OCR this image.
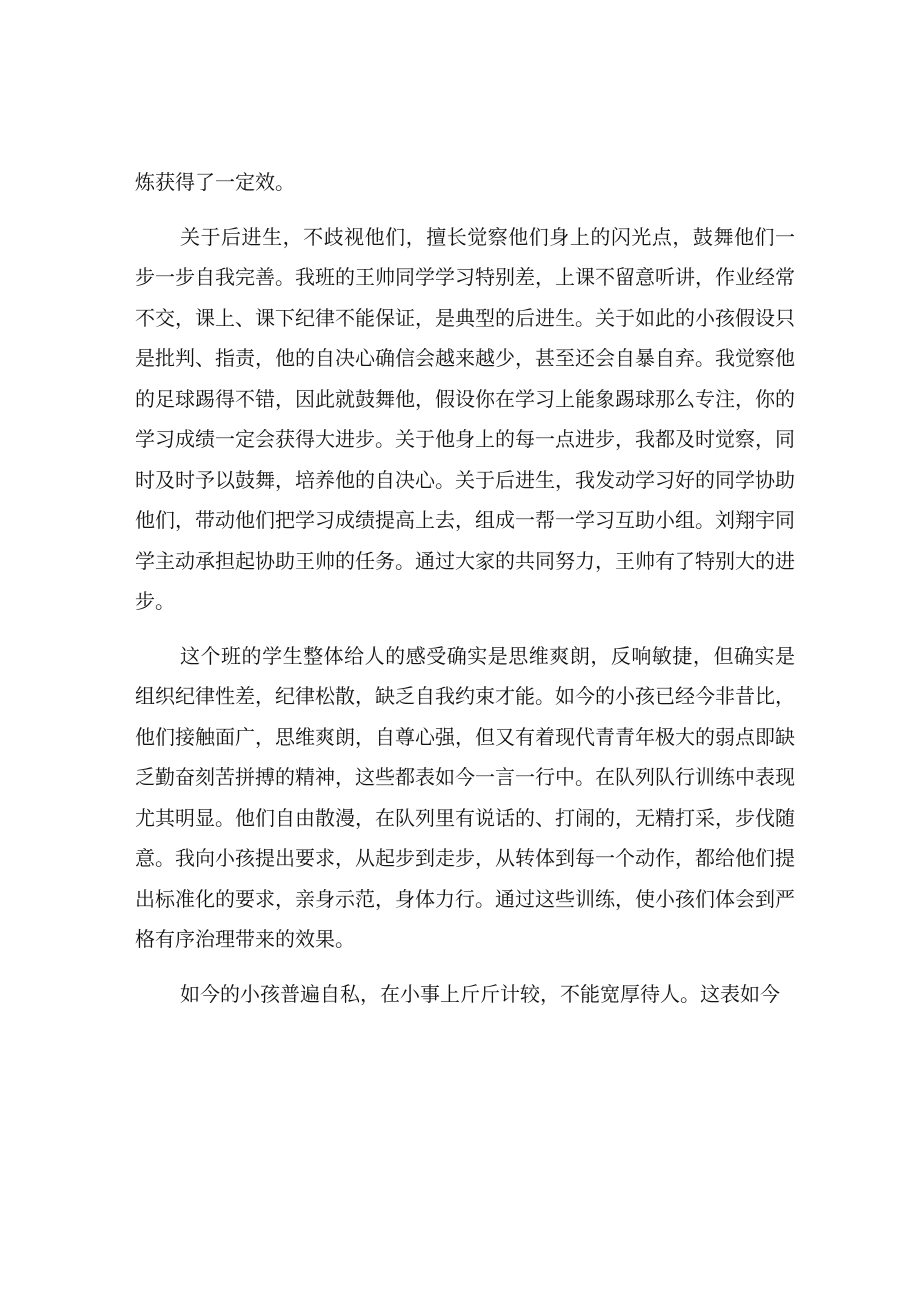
炼获得了一定效。
关于后进生，不歧视他们，擅长觉察他们身上的闪光点，鼓舞他们一
步一步自我完善。我班的王帅同学学习特别差，上课不留意听讲，作业经常
不交，课上、课下纪律不能保证，是典型的后进生。关于如此的小孩假设只
是批判、指责，他的自决心确信会越来越少，甚至还会自暴自弃。我觉察他
的足球踢得不错，因此就鼓舞他，假设你在学习上能象踢球那么专注，你的
学习成绩一定会获得大进步。关于他身上的每一点进步，我都及时觉察，同
时及时予以鼓舞，培养他的自决心。关于后进生，我发动学习好的同学协助
他们，带动他们把学习成绩提高上去，组成一帮一学习互助小组。刘翔宇同
学主动承担起协助王帅的任务。通过大家的共同努力，王帅有了特别大的进
步。
这个班的学生整体给人的感受确实是思维爽朗，反响敏捷，但确实是
组织纪律性差，纪律松散，缺乏自我约束才能。如今的小孩已经今非昔比，
他们接触面广，思维爽朗，自尊心强，但又有着现代青青年极大的弱点即缺
乏勤奋刻苦拼搏的精神，这些都表如今一言一行中。在队列队行训练中表现
尤其明显。他们自由散漫，在队列里有说话的、打闹的，无精打采，步伐随
意。我向小孩提出要求，从起步到走步，从转体到每一个动作，都给他们提
出标准化的要求，亲身示范，身体力行。通过这些训练，使小孩们体会到严
格有序治理带来的效果。
如今的小孩普遍自私，在小事上斤斤计较，不能宽厚待人。这表如今
